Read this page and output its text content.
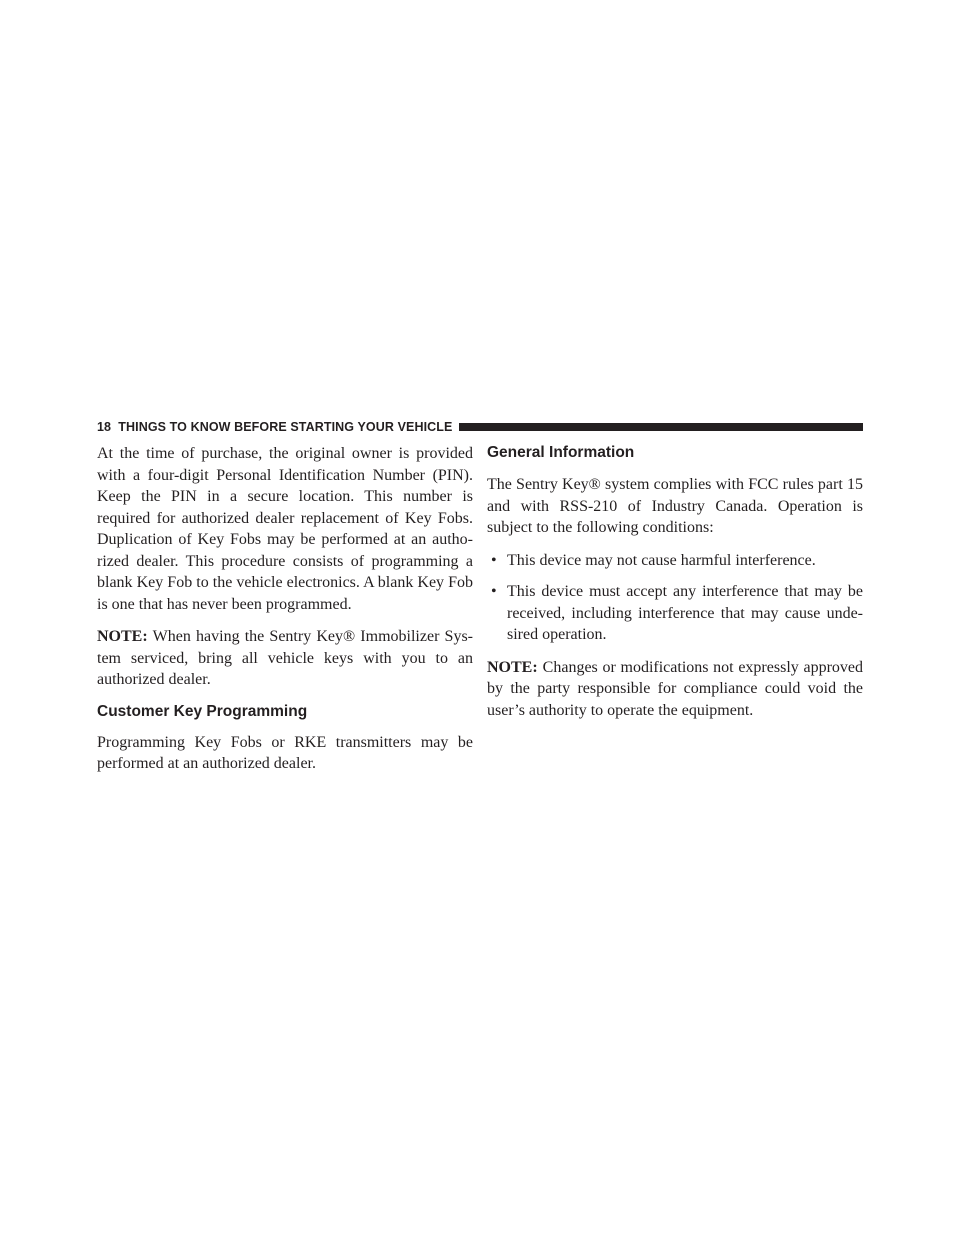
18 THINGS TO KNOW BEFORE STARTING YOUR VEHICLE

At the time of purchase, the original owner is provided with a four-digit Personal Identification Number (PIN). Keep the PIN in a secure location. This number is required for authorized dealer replacement of Key Fobs. Duplication of Key Fobs may be performed at an autho- rized dealer. This procedure consists of programming a blank Key Fob to the vehicle electronics. A blank Key Fob is one that has never been programmed.

NOTE: When having the Sentry Key® Immobilizer Sys- tem serviced, bring all vehicle keys with you to an authorized dealer.

Customer Key Programming

Programming Key Fobs or RKE transmitters may be performed at an authorized dealer.

General Information

The Sentry Key® system complies with FCC rules part 15 and with RSS-210 of Industry Canada. Operation is subject to the following conditions:

• This device may not cause harmful interference.
• This device must accept any interference that may be received, including interference that may cause unde- sired operation.

NOTE: Changes or modifications not expressly approved by the party responsible for compliance could void the user’s authority to operate the equipment.
